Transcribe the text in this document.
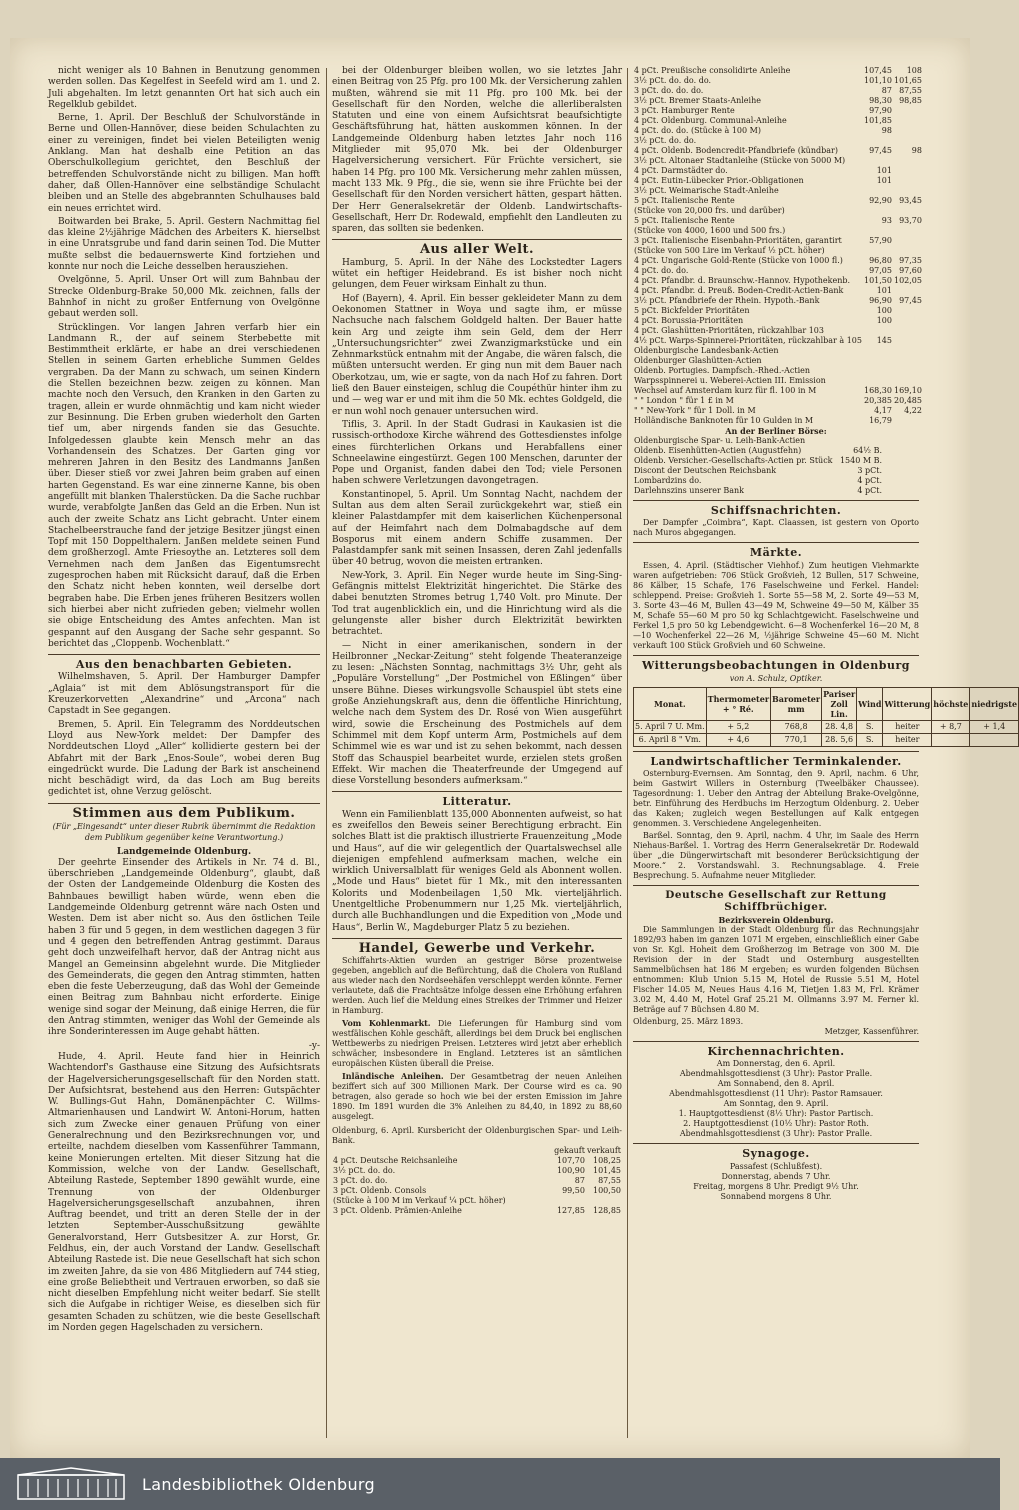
nicht weniger als 10 Bahnen in Benutzung genommen werden sollen. Das Kegelfest in Seefeld wird am 1. und 2. Juli abgehalten. Im letzt genannten Ort hat sich auch ein Regelklub gebildet.

Berne, 1. April. Der Beschluß der Schulvorstände in Berne und Ollen-Hannöver, diese beiden Schulachten zu einer zu vereinigen, findet bei vielen Beteiligten wenig Anklang. Man hat deshalb eine Petition an das Oberschulkollegium gerichtet, den Beschluß der betreffenden Schulvorstände nicht zu billigen. Man hofft daher, daß Ollen-Hannöver eine selbständige Schulacht bleiben und an Stelle des abgebrannten Schulhauses bald ein neues errichtet wird.

Boitwarden bei Brake, 5. April. Gestern Nachmittag fiel das kleine 2½jährige Mädchen des Arbeiters K. hierselbst in eine Unratsgrube und fand darin seinen Tod. Die Mutter mußte selbst die bedauernswerte Kind fortziehen und konnte nur noch die Leiche desselben herausziehen.

Ovelgönne, 5. April. Unser Ort will zum Bahnbau der Strecke Oldenburg-Brake 50,000 Mk. zeichnen, falls der Bahnhof in nicht zu großer Entfernung von Ovelgönne gebaut werden soll.

Strücklingen. Vor langen Jahren verfarb hier ein Landmann R., der auf seinem Sterbebette mit Bestimmtheit erklärte, er habe an drei verschiedenen Stellen in seinem Garten erhebliche Summen Geldes vergraben. Da der Mann zu schwach, um seinen Kindern die Stellen bezeichnen bezw. zeigen zu können. Man machte noch den Versuch, den Kranken in den Garten zu tragen, allein er wurde ohnmächtig und kam nicht wieder zur Besinnung. Die Erben gruben wiederholt den Garten tief um, aber nirgends fanden sie das Gesuchte. Infolgedessen glaubte kein Mensch mehr an das Vorhandensein des Schatzes. Der Garten ging vor mehreren Jahren in den Besitz des Landmanns Janßen über. Dieser stieß vor zwei Jahren beim graben auf einen harten Gegenstand. Es war eine zinnerne Kanne, bis oben angefüllt mit blanken Thalerstücken. Da die Sache ruchbar wurde, verabfolgte Janßen das Geld an die Erben. Nun ist auch der zweite Schatz ans Licht gebracht. Unter einem Stachelbeerstrauche fand der jetzige Besitzer jüngst einen Topf mit 150 Doppelthalern. Janßen meldete seinen Fund dem großherzogl. Amte Friesoythe an. Letzteres soll dem Vernehmen nach dem Janßen das Eigentumsrecht zugesprochen haben mit Rücksicht darauf, daß die Erben den Schatz nicht heben konnten, weil derselbe dort begraben habe. Die Erben jenes früheren Besitzers wollen sich hierbei aber nicht zufrieden geben; vielmehr wollen sie obige Entscheidung des Amtes anfechten. Man ist gespannt auf den Ausgang der Sache sehr gespannt. So berichtet das „Cloppenb. Wochenblatt.“

Aus den benachbarten Gebieten.

Wilhelmshaven, 5. April. Der Hamburger Dampfer „Aglaia“ ist mit dem Ablösungstransport für die Kreuzerkorvetten „Alexandrine“ und „Arcona“ nach Capstadt in See gegangen.

Bremen, 5. April. Ein Telegramm des Norddeutschen Lloyd aus New-York meldet: Der Dampfer des Norddeutschen Lloyd „Aller“ kollidierte gestern bei der Abfahrt mit der Bark „Enos-Soule“, wobei deren Bug eingedrückt wurde. Die Ladung der Bark ist anscheinend nicht beschädigt wird, da das Loch am Bug bereits gedichtet ist, ohne Verzug gelöscht.

Stimmen aus dem Publikum.
(Für „Eingesandt“ unter dieser Rubrik übernimmt die Redaktion dem Publikum gegenüber keine Verantwortung.)
Landgemeinde Oldenburg.

Der geehrte Einsender des Artikels in Nr. 74 d. Bl., überschrieben „Landgemeinde Oldenburg“, glaubt, daß der Osten der Landgemeinde Oldenburg die Kosten des Bahnbaues bewilligt haben würde, wenn eben die Landgemeinde Oldenburg getrennt wäre nach Osten und Westen. Dem ist aber nicht so. Aus den östlichen Teile haben 3 für und 5 gegen, in dem westlichen dagegen 3 für und 4 gegen den betreffenden Antrag gestimmt. Daraus geht doch unzweifelhaft hervor, daß der Antrag nicht aus Mangel an Gemeinsinn abgelehnt wurde. Die Mitglieder des Gemeinderats, die gegen den Antrag stimmten, hatten eben die feste Ueberzeugung, daß das Wohl der Gemeinde einen Beitrag zum Bahnbau nicht erforderte. Einige wenige sind sogar der Meinung, daß einige Herren, die für den Antrag stimmten, weniger das Wohl der Gemeinde als ihre Sonderinteressen im Auge gehabt hätten.

-y-

Hude, 4. April. Heute fand hier in Heinrich Wachtendorf's Gasthause eine Sitzung des Aufsichtsrats der Hagelversicherungsgesellschaft für den Norden statt. Der Aufsichtsrat, bestehend aus den Herren: Gutspächter W. Bullings-Gut Hahn, Domänenpächter C. Willms-Altmarienhausen und Landwirt W. Antoni-Horum, hatten sich zum Zwecke einer genauen Prüfung von einer Generalrechnung und den Bezirksrechnungen vor, und erteilte, nachdem dieselben vom Kassenführer Tammann, keine Monierungen ertelten. Mit dieser Sitzung hat die Kommission, welche von der Landw. Gesellschaft, Abteilung Rastede, September 1890 gewählt wurde, eine Trennung von der Oldenburger Hagelversicherungsgesellschaft anzubahnen, ihren Auftrag beendet, und tritt an deren Stelle der in der letzten September-Ausschußsitzung gewählte Generalvorstand, Herr Gutsbesitzer A. zur Horst, Gr. Feldhus, ein, der auch Vorstand der Landw. Gesellschaft Abteilung Rastede ist. Die neue Gesellschaft hat sich schon im zweiten Jahre, da sie von 486 Mitgliedern auf 744 stieg, eine große Beliebtheit und Vertrauen erworben, so daß sie nicht dieselben Empfehlung nicht weiter bedarf. Sie stellt sich die Aufgabe in richtiger Weise, es dieselben sich für gesamten Schaden zu schützen, wie die beste Gesellschaft im Norden gegen Hagelschaden zu versichern.

bei der Oldenburger bleiben wollen, wo sie letztes Jahr einen Beitrag von 25 Pfg. pro 100 Mk. der Versicherung zahlen mußten, während sie mit 11 Pfg. pro 100 Mk. bei der Gesellschaft für den Norden, welche die allerliberalsten Statuten und eine von einem Aufsichtsrat beaufsichtigte Geschäftsführung hat, hätten auskommen können. In der Landgemeinde Oldenburg haben letztes Jahr noch 116 Mitglieder mit 95,070 Mk. bei der Oldenburger Hagelversicherung versichert. Für Früchte versichert, sie haben 14 Pfg. pro 100 Mk. Versicherung mehr zahlen müssen, macht 133 Mk. 9 Pfg., die sie, wenn sie ihre Früchte bei der Gesellschaft für den Norden versichert hätten, gespart hätten. Der Herr Generalsekretär der Oldenb. Landwirtschafts-Gesellschaft, Herr Dr. Rodewald, empfiehlt den Landleuten zu sparen, das sollten sie bedenken.

Aus aller Welt.

Hamburg, 5. April. In der Nähe des Lockstedter Lagers wütet ein heftiger Heidebrand. Es ist bisher noch nicht gelungen, dem Feuer wirksam Einhalt zu thun.

Hof (Bayern), 4. April. Ein besser gekleideter Mann zu dem Oekonomen Stattner in Woya und sagte ihm, er müsse Nachsuche nach falschem Goldgeld halten. Der Bauer hatte kein Arg und zeigte ihm sein Geld, dem der Herr „Untersuchungsrichter“ zwei Zwanzigmarkstücke und ein Zehnmarkstück entnahm mit der Angabe, die wären falsch, die müßten untersucht werden. Er ging nun mit dem Bauer nach Oberkotzau, um, wie er sagte, von da nach Hof zu fahren. Dort ließ den Bauer einsteigen, schlug die Coupéthür hinter ihm zu und — weg war er und mit ihm die 50 Mk. echtes Goldgeld, die er nun wohl noch genauer untersuchen wird.

Tiflis, 3. April. In der Stadt Gudrasi in Kaukasien ist die russisch-orthodoxe Kirche während des Gottesdienstes infolge eines fürchterlichen Orkans und Herabfallens einer Schneelawine eingestürzt. Gegen 100 Menschen, darunter der Pope und Organist, fanden dabei den Tod; viele Personen haben schwere Verletzungen davongetragen.

Konstantinopel, 5. April. Um Sonntag Nacht, nachdem der Sultan aus dem alten Serail zurückgekehrt war, stieß ein kleiner Palastdampfer mit dem kaiserlichen Küchenpersonal auf der Heimfahrt nach dem Dolmabagdsche auf dem Bosporus mit einem andern Schiffe zusammen. Der Palastdampfer sank mit seinen Insassen, deren Zahl jedenfalls über 40 betrug, wovon die meisten ertranken.

New-York, 3. April. Ein Neger wurde heute im Sing-Sing-Gefängnis mittelst Elektrizität hingerichtet. Die Stärke des dabei benutzten Stromes betrug 1,740 Volt. pro Minute. Der Tod trat augenblicklich ein, und die Hinrichtung wird als die gelungenste aller bisher durch Elektrizität bewirkten betrachtet.

— Nicht in einer amerikanischen, sondern in der Heilbronner „Neckar-Zeitung“ steht folgende Theateranzeige zu lesen: „Nächsten Sonntag, nachmittags 3½ Uhr, geht als „Populäre Vorstellung“ „Der Postmichel von Eßlingen“ über unsere Bühne. Dieses wirkungsvolle Schauspiel übt stets eine große Anziehungskraft aus, denn die öffentliche Hinrichtung, welche nach dem System des Dr. Rosé von Wien ausgeführt wird, sowie die Erscheinung des Postmichels auf dem Schimmel mit dem Kopf unterm Arm, Postmichels auf dem Schimmel wie es war und ist zu sehen bekommt, nach dessen Stoff das Schauspiel bearbeitet wurde, erzielen stets großen Effekt. Wir machen die Theaterfreunde der Umgegend auf diese Vorstellung besonders aufmerksam.“

Litteratur.

Wenn ein Familienblatt 135,000 Abonnenten aufweist, so hat es zweifellos den Beweis seiner Berechtigung erbracht. Ein solches Blatt ist die praktisch illustrierte Frauenzeitung „Mode und Haus“, auf die wir gelegentlich der Quartalswechsel alle diejenigen empfehlend aufmerksam machen, welche ein wirklich Universalblatt für weniges Geld als Abonnent wollen. „Mode und Haus“ bietet für 1 Mk., mit den interessanten Kolorits und Modenbeilagen 1,50 Mk. vierteljährlich. Unentgeltliche Probenummern nur 1,25 Mk. vierteljährlich, durch alle Buchhandlungen und die Expedition von „Mode und Haus“, Berlin W., Magdeburger Platz 5 zu beziehen.

Handel, Gewerbe und Verkehr.

Schiffahrts-Aktien wurden an gestriger Börse prozentweise gegeben, angeblich auf die Befürchtung, daß die Cholera von Rußland aus wieder nach den Nordseehäfen verschleppt werden könnte. Ferner verlautete, daß die Frachtsätze infolge dessen eine Erhöhung erfahren werden. Auch lief die Meldung eines Streikes der Trimmer und Heizer in Hamburg.

Vom Kohlenmarkt. Die Lieferungen für Hamburg sind vom westfälischen Kohle geschäft, allerdings bei dem Druck bei englischen Wettbewerbs zu niedrigen Preisen. Letzteres wird jetzt aber erheblich schwächer, insbesondere in England. Letzteres ist an sämtlichen europäischen Küsten überall die Preise.

Inländische Anleihen. Der Gesamtbetrag der neuen Anleihen beziffert sich auf 300 Millionen Mark. Der Course wird es ca. 90 betragen, also gerade so hoch wie bei der ersten Emission im Jahre 1890. Im 1891 wurden die 3% Anleihen zu 84,40, in 1892 zu 88,60 ausgelegt.

Oldenburg, 6. April. Kursbericht der Oldenburgischen Spar- und Leih-Bank.
	gekauft	verkauft
4 pCt. Deutsche Reichsanleihe	107,70	108,25
3½ pCt. do. do.	100,90	101,45
3 pCt. do. do.	87	87,55
3 pCt. Oldenb. Consols	99,50	100,50
(Stücke à 100 M im Verkauf ¼ pCt. höher)		
3 pCt. Oldenb. Prämien-Anleihe	127,85	128,85
4 pCt. Preußische consolidirte Anleihe	107,45	108
3½ pCt. do. do. do.	101,10	101,65
3 pCt. do. do. do.	87	87,55
3½ pCt. Bremer Staats-Anleihe	98,30	98,85
3 pCt. Hamburger Rente	97,90	
4 pCt. Oldenburg. Communal-Anleihe	101,85	
4 pCt. do. do. (Stücke à 100 M)	98	
3½ pCt. do. do.		
4 pCt. Oldenb. Bodencredit-Pfandbriefe (kündbar)	97,45	98
3½ pCt. Altonaer Stadtanleihe (Stücke von 5000 M)		
4 pCt. Darmstädter do.	101	
4 pCt. Eutin-Lübecker Prior.-Obligationen	101	
3½ pCt. Weimarische Stadt-Anleihe		
5 pCt. Italienische Rente	92,90	93,45
(Stücke von 20,000 frs. und darüber)		
5 pCt. Italienische Rente	93	93,70
(Stücke von 4000, 1600 und 500 frs.)		
3 pCt. Italienische Eisenbahn-Prioritäten, garantirt	57,90	
(Stücke von 500 Lire im Verkauf ½ pCt. höher)		
4 pCt. Ungarische Gold-Rente (Stücke von 1000 fl.)	96,80	97,35
4 pCt. do. do.	97,05	97,60
4 pCt. Pfandbr. d. Braunschw.-Hannov. Hypothekenb.	101,50	102,05
4 pCt. Pfandbr. d. Preuß. Boden-Credit-Actien-Bank	101	
3½ pCt. Pfandbriefe der Rhein. Hypoth.-Bank	96,90	97,45
5 pCt. Bickfelder Prioritäten	100	
4 pCt. Borussia-Prioritäten	100	
4 pCt. Glashütten-Prioritäten, rückzahlbar 103		
4½ pCt. Warps-Spinnerei-Prioritäten, rückzahlbar à 105	145	
Oldenburgische Landesbank-Actien		
Oldenburger Glashütten-Actien		
Oldenb. Portugies. Dampfsch.-Rhed.-Actien		
Warpsspinnerei u. Weberei-Actien III. Emission		
Wechsel auf Amsterdam kurz für fl. 100 in M	168,30	169,10
" " London " für 1 £ in M	20,385	20,485
" " New-York " für 1 Doll. in M	4,17	4,22
Holländische Banknoten für 10 Gulden in M	16,79	
An der Berliner Börse:
Oldenburgische Spar- u. Leih-Bank-Actien		
Oldenb. Eisenhütten-Actien (Augustfehn)	64½ B.	
Oldenb. Versicher.-Gesellschafts-Actien pr. Stück	1540 M B.	
Discont der Deutschen Reichsbank	3 pCt.	
Lombardzins do.	4 pCt.	
Darlehnszins unserer Bank	4 pCt.	
Schiffsnachrichten.

Der Dampfer „Coimbra“, Kapt. Claassen, ist gestern von Oporto nach Muros abgegangen.

Märkte.

Essen, 4. April. (Städtischer Viehhof.) Zum heutigen Viehmarkte waren aufgetrieben: 706 Stück Großvieh, 12 Bullen, 517 Schweine, 86 Kälber, 15 Schafe, 176 Faselschweine und Ferkel. Handel: schleppend. Preise: Großvieh 1. Sorte 55—58 M, 2. Sorte 49—53 M, 3. Sorte 43—46 M, Bullen 43—49 M, Schweine 49—50 M, Kälber 35 M, Schafe 55—60 M pro 50 kg Schlachtgewicht. Faselschweine und Ferkel 1,5 pro 50 kg Lebendgewicht. 6—8 Wochenferkel 16—20 M, 8—10 Wochenferkel 22—26 M, ½jährige Schweine 45—60 M. Nicht verkauft 100 Stück Großvieh und 60 Schweine.

Witterungsbeobachtungen in Oldenburg
von A. Schulz, Optiker.
Monat.	Thermometer + ° Ré.	Barometer mm	Pariser Zoll Lin.	Wind	Witterung	höchste	niedrigste
5. April 7 U. Mm.	+ 5,2	768,8	28. 4,8	S.	heiter	+ 8,7	+ 1,4
6. April 8 " Vm.	+ 4,6	770,1	28. 5,6	S.	heiter		
Landwirtschaftlicher Terminkalender.

Osternburg-Evernsen. Am Sonntag, den 9. April, nachm. 6 Uhr, beim Gastwirt Willers in Osternburg (Tweelbäker Chaussee). Tagesordnung: 1. Ueber den Antrag der Abteilung Brake-Ovelgönne, betr. Einführung des Herdbuchs im Herzogtum Oldenburg. 2. Ueber das Kaken; zugleich wegen Bestellungen auf Kalk entgegen genommen. 3. Verschiedene Angelegenheiten.

Barßel. Sonntag, den 9. April, nachm. 4 Uhr, im Saale des Herrn Niehaus-Barßel. 1. Vortrag des Herrn Generalsekretär Dr. Rodewald über „die Düngerwirtschaft mit besonderer Berücksichtigung der Moore.“ 2. Vorstandswahl. 3. Rechnungsablage. 4. Freie Besprechung. 5. Aufnahme neuer Mitglieder.

Deutsche Gesellschaft zur Rettung Schiffbrüchiger.
Bezirksverein Oldenburg.

Die Sammlungen in der Stadt Oldenburg für das Rechnungsjahr 1892/93 haben im ganzen 1071 M ergeben, einschließlich einer Gabe von Sr. Kgl. Hoheit dem Großherzog im Betrage von 300 M. Die Revision der in der Stadt und Osternburg ausgestellten Sammelbüchsen hat 186 M ergeben; es wurden folgenden Büchsen entnommen: Klub Union 5.15 M, Hotel de Russie 5.51 M, Hotel Fischer 14.05 M, Neues Haus 4.16 M, Tietjen 1.83 M, Frl. Krämer 3.02 M, 4.40 M, Hotel Graf 25.21 M. Ollmanns 3.97 M. Ferner kl. Beträge auf 7 Büchsen 4.80 M.

Oldenburg, 25. März 1893.
Metzger, Kassenführer.
Kirchennachrichten.
Am Donnerstag, den 6. April.
Abendmahlsgottesdienst (3 Uhr): Pastor Pralle.
Am Sonnabend, den 8. April.
Abendmahlsgottesdienst (11 Uhr): Pastor Ramsauer.
Am Sonntag, den 9. April.
1. Hauptgottesdienst (8½ Uhr): Pastor Partisch.
2. Hauptgottesdienst (10½ Uhr): Pastor Roth.
Abendmahlsgottesdienst (3 Uhr): Pastor Pralle.
Synagoge.
Passafest (Schlußfest).
Donnerstag, abends 7 Uhr.
Freitag, morgens 8 Uhr. Predigt 9½ Uhr.
Sonnabend morgens 8 Uhr.
Landesbibliothek Oldenburg
